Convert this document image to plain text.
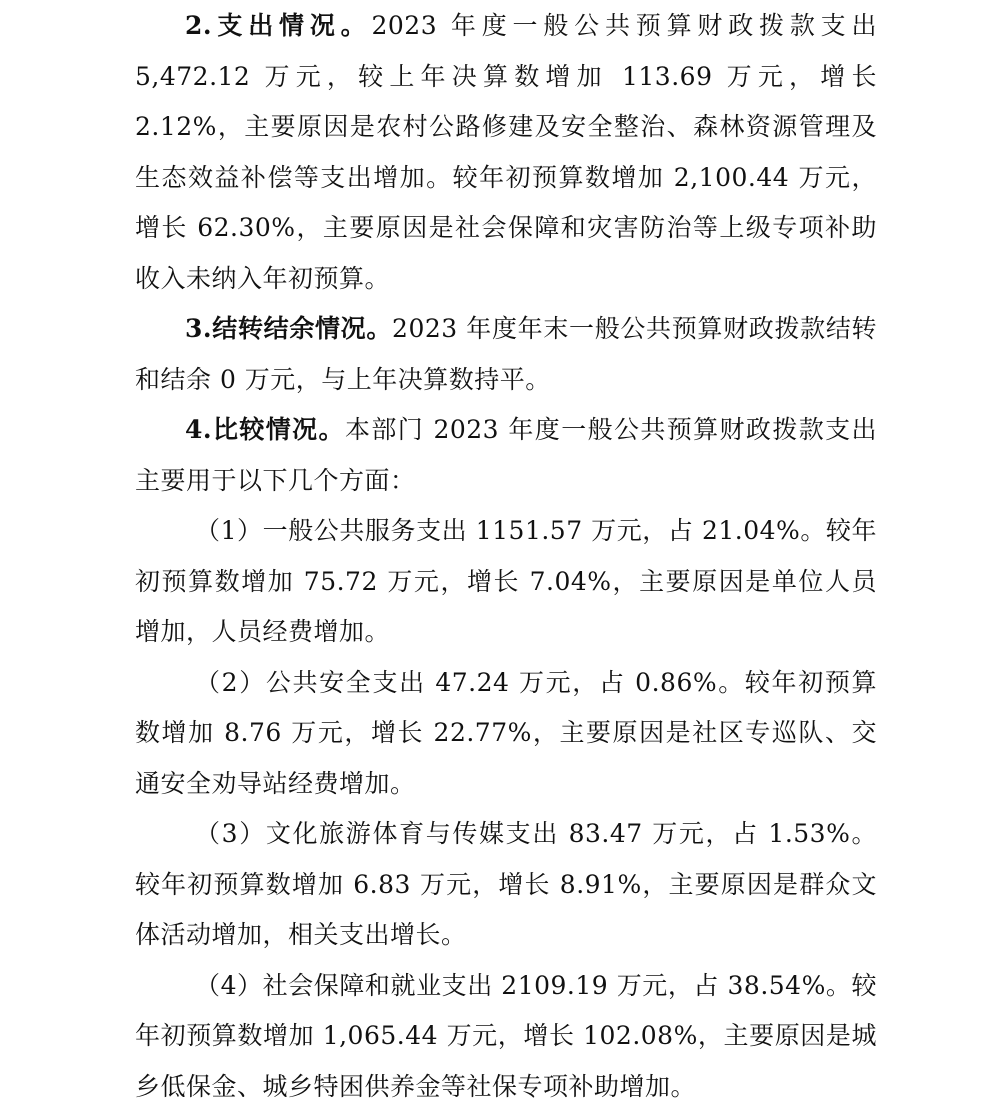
2.支出情况。2023 年度一般公共预算财政拨款支出 5,472.12 万元，较上年决算数增加 113.69 万元，增长 2.12%，主要原因是农村公路修建及安全整治、森林资源管理及生态效益补偿等支出增加。较年初预算数增加 2,100.44 万元，增长 62.30%，主要原因是社会保障和灾害防治等上级专项补助收入未纳入年初预算。

3.结转结余情况。2023 年度年末一般公共预算财政拨款结转和结余 0 万元，与上年决算数持平。

4.比较情况。本部门 2023 年度一般公共预算财政拨款支出主要用于以下几个方面：

（1）一般公共服务支出 1151.57 万元，占 21.04%。较年初预算数增加 75.72 万元，增长 7.04%，主要原因是单位人员增加，人员经费增加。

（2）公共安全支出 47.24 万元，占 0.86%。较年初预算数增加 8.76 万元，增长 22.77%，主要原因是社区专巡队、交通安全劝导站经费增加。

（3）文化旅游体育与传媒支出 83.47 万元，占 1.53%。较年初预算数增加 6.83 万元，增长 8.91%，主要原因是群众文体活动增加，相关支出增长。

（4）社会保障和就业支出 2109.19 万元，占 38.54%。较年初预算数增加 1,065.44 万元，增长 102.08%，主要原因是城乡低保金、城乡特困供养金等社保专项补助增加。
